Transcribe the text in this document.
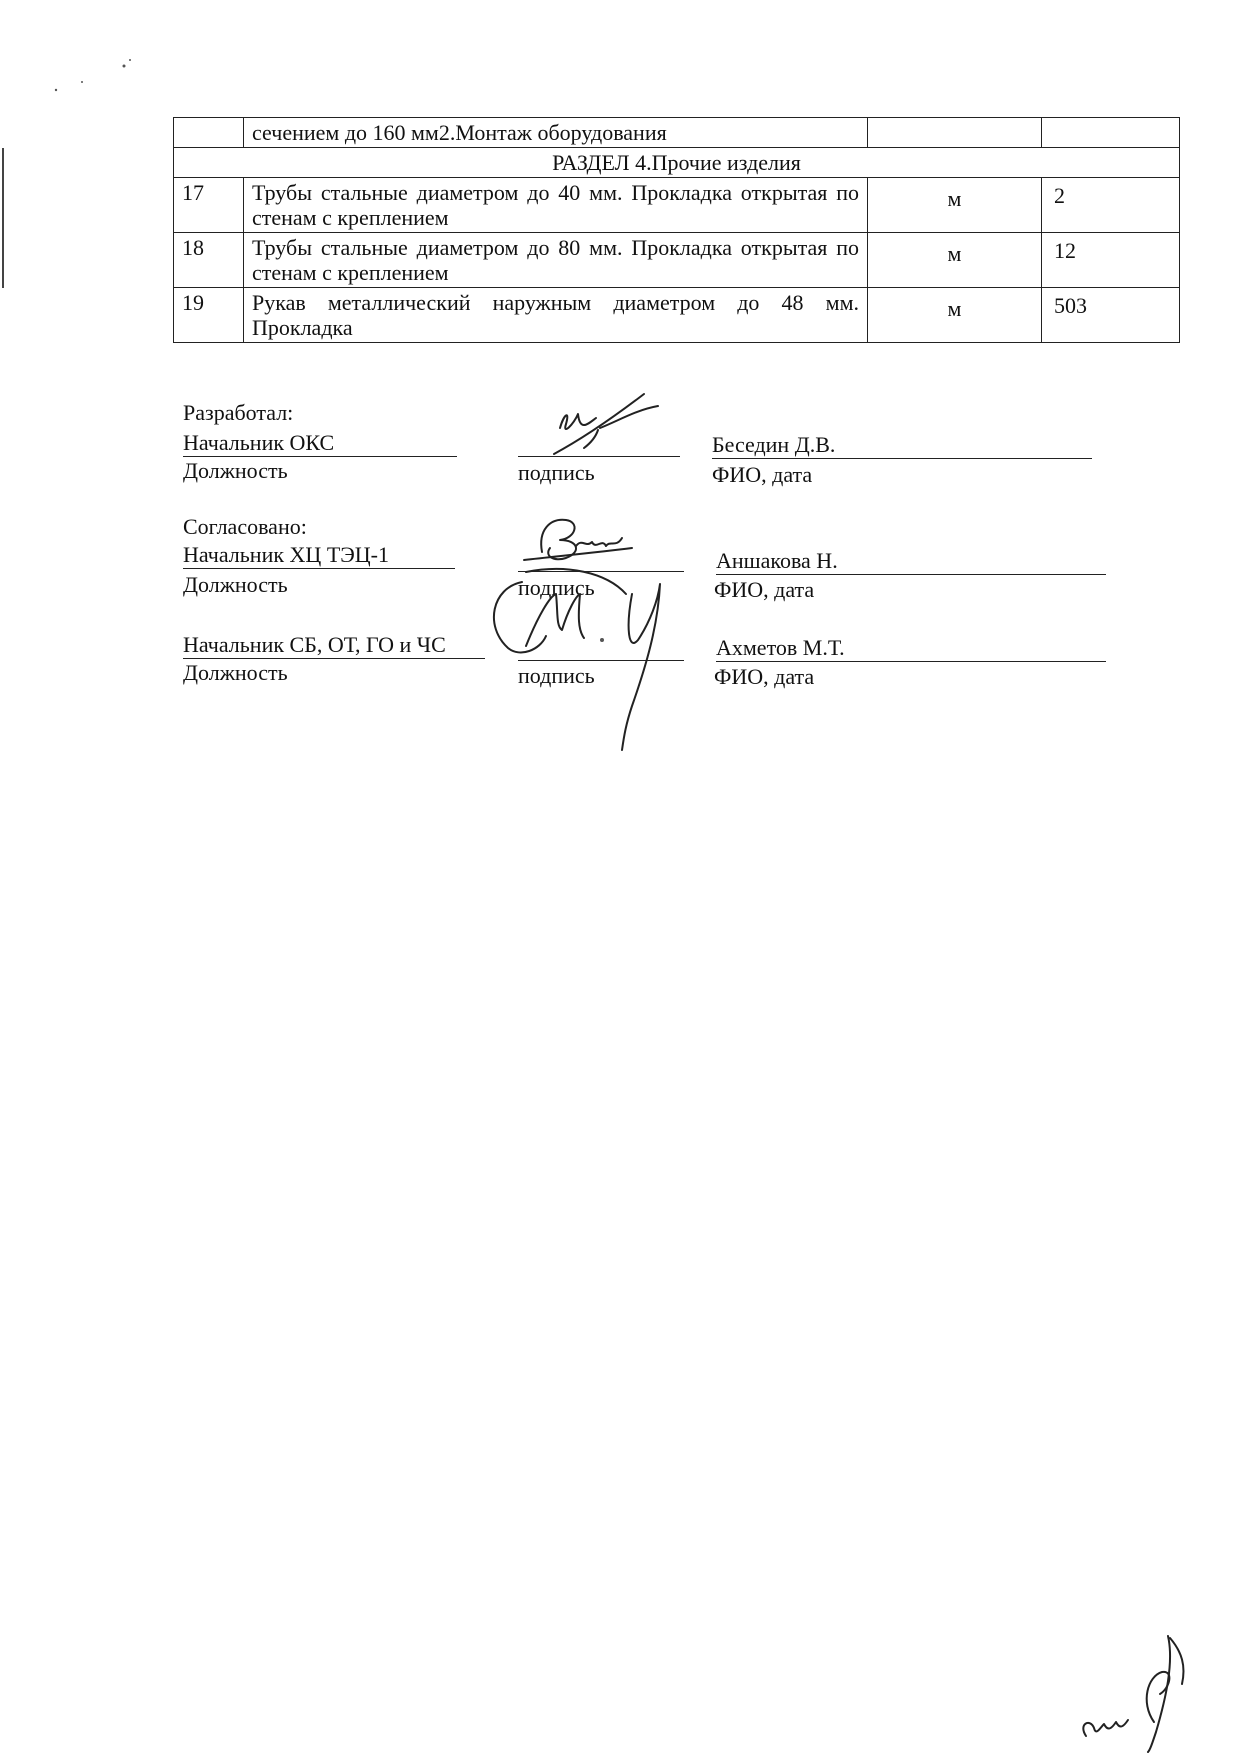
	сечением до 160 мм2.Монтаж оборудования		
РАЗДЕЛ 4.Прочие изделия			
17	Трубы стальные диаметром до 40 мм. Прокладка открытая по стенам с креплением	м	2
18	Трубы стальные диаметром до 80 мм. Прокладка открытая по стенам с креплением	м	12
19	Рукав металлический наружным диаметром до 48 мм. Прокладка	м	503
Разработал:
Начальник ОКС
Должность	подпись
Беседин Д.В.
ФИО, дата
Согласовано:
Начальник ХЦ ТЭЦ-1
Должность	подпись
Аншакова Н.
ФИО, дата
Начальник СБ, ОТ, ГО и ЧС
Должность	подпись
Ахметов М.Т.
ФИО, дата
